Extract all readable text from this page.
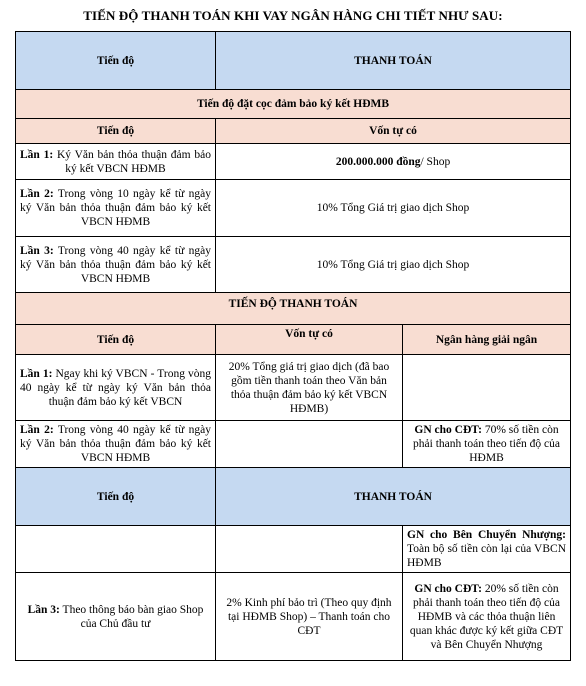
TIẾN ĐỘ THANH TOÁN KHI VAY NGÂN HÀNG CHI TIẾT NHƯ SAU:
Tiến độ	THANH TOÁN	
Tiến độ đặt cọc đảm bảo ký kết HĐMB		
Tiến độ	Vốn tự có	
Lần 1: Ký Văn bản thỏa thuận đảm bảo ký kết VBCN HĐMB	200.000.000 đồng/ Shop	
Lần 2: Trong vòng 10 ngày kể từ ngày ký Văn bản thỏa thuận đảm bảo ký kết VBCN HĐMB	10% Tổng Giá trị giao dịch Shop	
Lần 3: Trong vòng 40 ngày kể từ ngày ký Văn bản thỏa thuận đảm bảo ký kết VBCN HĐMB	10% Tổng Giá trị giao dịch Shop	
TIẾN ĐỘ THANH TOÁN		
Tiến độ	Vốn tự có	Ngân hàng giải ngân
Lần 1: Ngay khi ký VBCN - Trong vòng 40 ngày kể từ ngày ký Văn bản thỏa thuận đảm bảo ký kết VBCN	20% Tổng giá trị giao dịch (đã bao gồm tiền thanh toán theo Văn bản thỏa thuận đảm bảo ký kết VBCN HĐMB)	
Lần 2: Trong vòng 40 ngày kể từ ngày ký Văn bản thỏa thuận đảm bảo ký kết VBCN HĐMB		GN cho CĐT: 70% số tiền còn phải thanh toán theo tiến độ của HĐMB
Tiến độ	THANH TOÁN	
		GN cho Bên Chuyển Nhượng: Toàn bộ số tiền còn lại của VBCN HĐMB
Lần 3: Theo thông báo bàn giao Shop của Chủ đầu tư	2% Kinh phí bảo trì (Theo quy định tại HĐMB Shop) – Thanh toán cho CĐT	GN cho CĐT: 20% số tiền còn phải thanh toán theo tiến độ của HĐMB và các thỏa thuận liên quan khác được ký kết giữa CĐT và Bên Chuyển Nhượng
